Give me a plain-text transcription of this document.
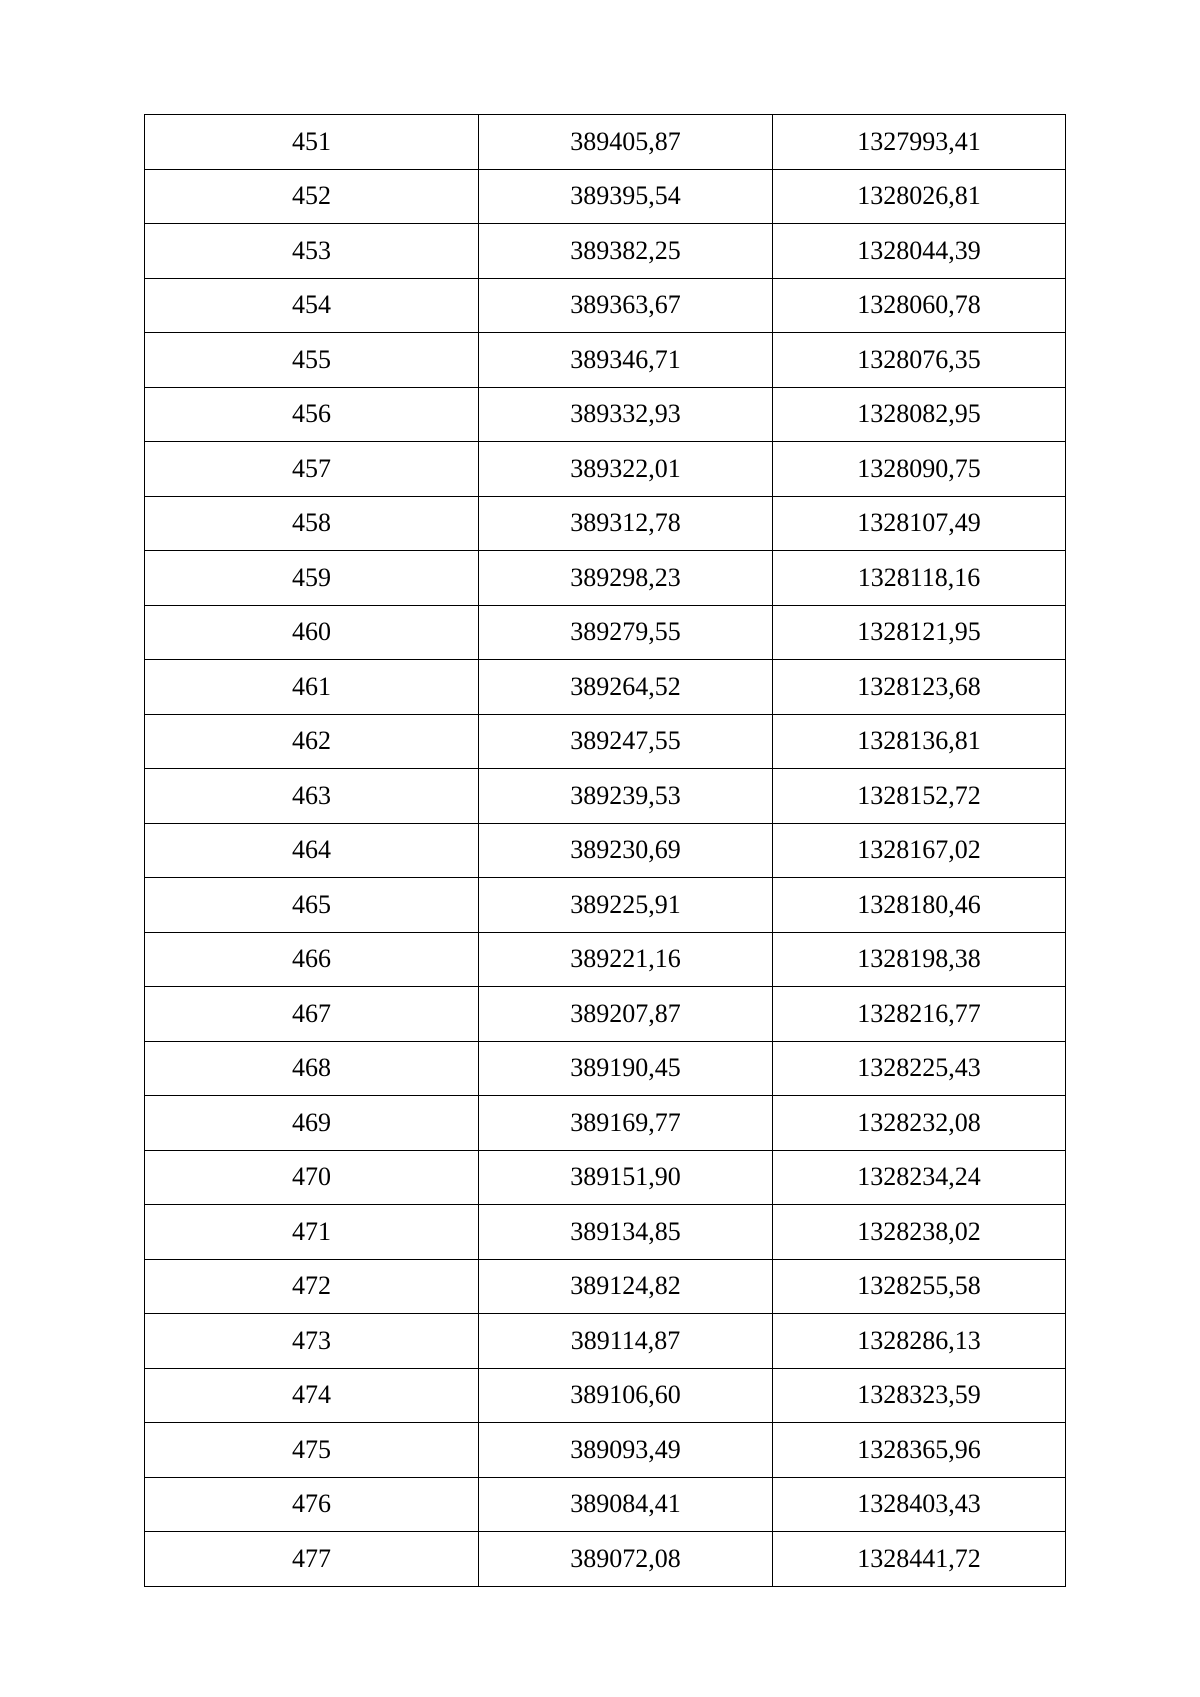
451	389405,87	1327993,41
452	389395,54	1328026,81
453	389382,25	1328044,39
454	389363,67	1328060,78
455	389346,71	1328076,35
456	389332,93	1328082,95
457	389322,01	1328090,75
458	389312,78	1328107,49
459	389298,23	1328118,16
460	389279,55	1328121,95
461	389264,52	1328123,68
462	389247,55	1328136,81
463	389239,53	1328152,72
464	389230,69	1328167,02
465	389225,91	1328180,46
466	389221,16	1328198,38
467	389207,87	1328216,77
468	389190,45	1328225,43
469	389169,77	1328232,08
470	389151,90	1328234,24
471	389134,85	1328238,02
472	389124,82	1328255,58
473	389114,87	1328286,13
474	389106,60	1328323,59
475	389093,49	1328365,96
476	389084,41	1328403,43
477	389072,08	1328441,72
